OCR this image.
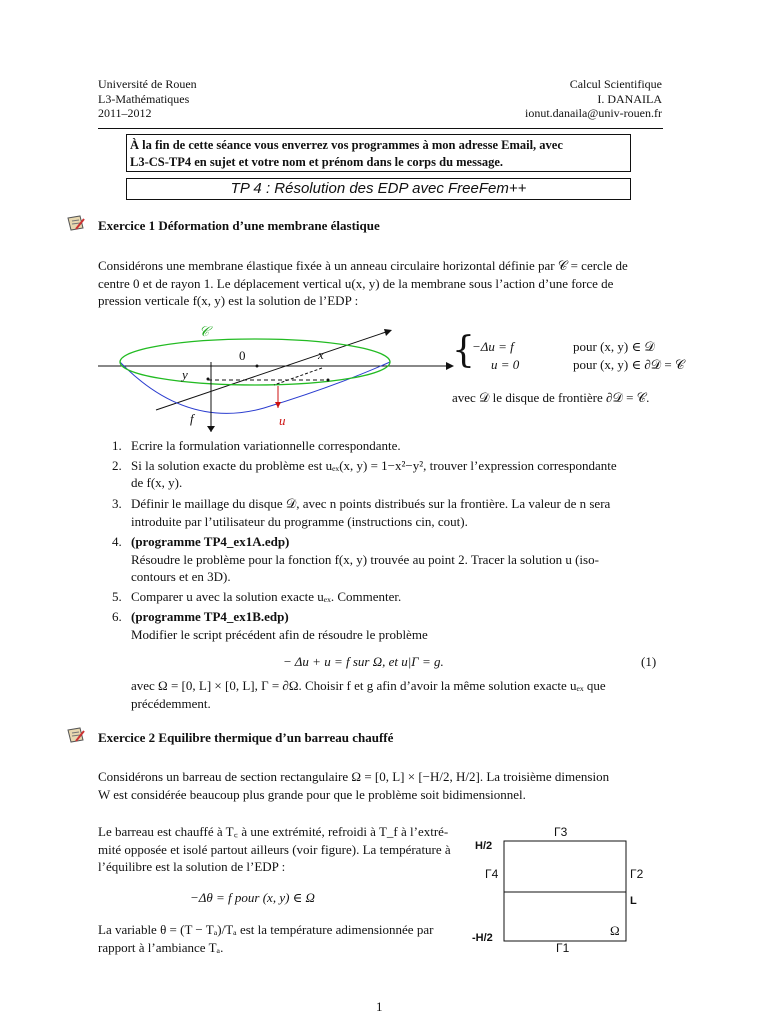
Université de Rouen
L3-Mathématiques
2011–2012
Calcul Scientifique
I. DANAILA
ionut.danaila@univ-rouen.fr
À la fin de cette séance vous enverrez vos programmes à mon adresse Email, avec
L3-CS-TP4 en sujet et votre nom et prénom dans le corps du message.
TP 4 : Résolution des EDP avec FreeFem++
Exercice 1 Déformation d’une membrane élastique
Considérons une membrane élastique fixée à un anneau circulaire horizontal définie par 𝒞 = cercle de
centre 0 et de rayon 1. Le déplacement vertical u(x, y) de la membrane sous l’action d’une force de
pression verticale f(x, y) est la solution de l’EDP :
𝒞
0	x
y
f	u
{
−Δu = f	pour (x, y) ∈ 𝒟
u = 0	pour (x, y) ∈ ∂𝒟 = 𝒞
avec 𝒟 le disque de frontière ∂𝒟 = 𝒞.
1. Ecrire la formulation variationnelle correspondante.
2. Si la solution exacte du problème est uₑₓ(x, y) = 1−x²−y², trouver l’expression correspondante
de f(x, y).
3. Définir le maillage du disque 𝒟, avec n points distribués sur la frontière. La valeur de n sera
introduite par l’utilisateur du programme (instructions cin, cout).
4. (programme TP4_ex1A.edp)
Résoudre le problème pour la fonction f(x, y) trouvée au point 2. Tracer la solution u (iso-
contours et en 3D).
5. Comparer u avec la solution exacte uₑₓ. Commenter.
6. (programme TP4_ex1B.edp)
Modifier le script précédent afin de résoudre le problème
− Δu + u = f sur Ω, et u|Γ = g.	(1)
avec Ω = [0, L] × [0, L], Γ = ∂Ω. Choisir f et g afin d’avoir la même solution exacte uₑₓ que
précédemment.
Exercice 2 Equilibre thermique d’un barreau chauffé
Considérons un barreau de section rectangulaire Ω = [0, L] × [−H/2, H/2]. La troisième dimension
W est considérée beaucoup plus grande pour que le problème soit bidimensionnel.
Le barreau est chauffé à T꜀ à une extrémité, refroidi à T_f à l’extré-
mité opposée et isolé partout ailleurs (voir figure). La température à
l’équilibre est la solution de l’EDP :
−Δθ = f pour (x, y) ∈ Ω
La variable θ = (T − Tₐ)/Tₐ est la température adimensionnée par
rapport à l’ambiance Tₐ.
H/2
-H/2
L
Γ3
Γ4	Γ2
Γ1
Ω
1
